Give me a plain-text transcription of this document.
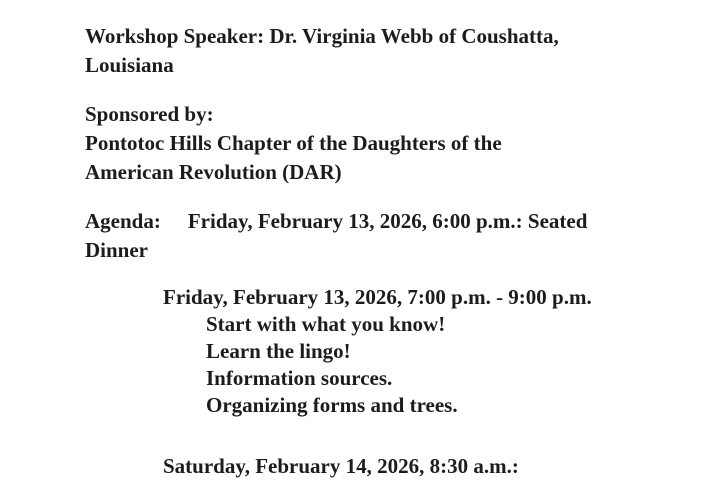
Workshop Speaker: Dr. Virginia Webb of Coushatta,

Louisiana

Sponsored by:

Pontotoc Hills Chapter of the Daughters of the

American Revolution (DAR)

Agenda: Friday, February 13, 2026, 6:00 p.m.: Seated

Dinner

Friday, February 13, 2026, 7:00 p.m. - 9:00 p.m.

Start with what you know!

Learn the lingo!

Information sources.

Organizing forms and trees.

Saturday, February 14, 2026, 8:30 a.m.:
